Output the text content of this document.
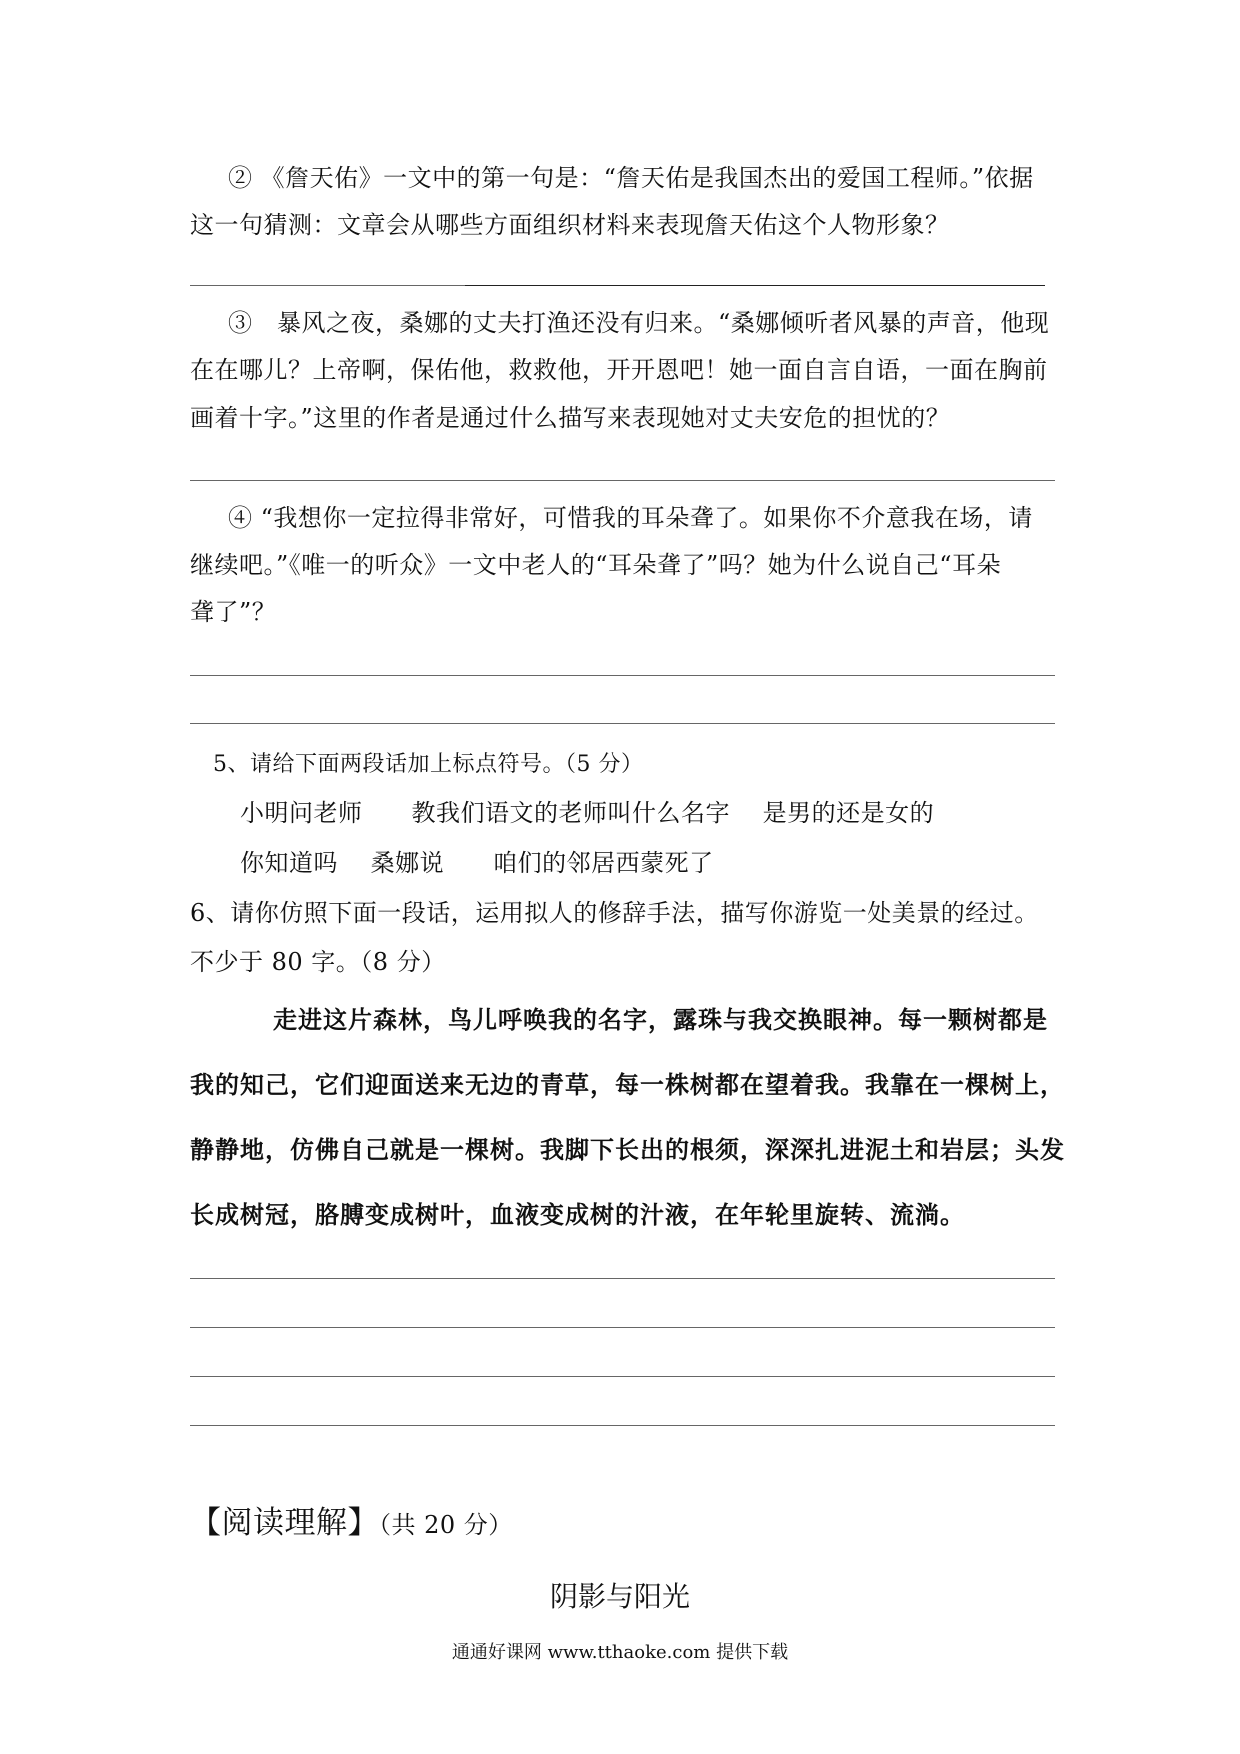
② 《詹天佑》一文中的第一句是：“詹天佑是我国杰出的爱国工程师。”依据
这一句猜测：文章会从哪些方面组织材料来表现詹天佑这个人物形象？
③　暴风之夜，桑娜的丈夫打渔还没有归来。“桑娜倾听者风暴的声音，他现
在在哪儿？上帝啊，保佑他，救救他，开开恩吧！她一面自言自语，一面在胸前
画着十字。”这里的作者是通过什么描写来表现她对丈夫安危的担忧的？
④ “我想你一定拉得非常好，可惜我的耳朵聋了。如果你不介意我在场，请
继续吧。”《唯一的听众》一文中老人的“耳朵聋了”吗？她为什么说自己“耳朵
聋了”？
5、请给下面两段话加上标点符号。（5 分）
小明问老师　　教我们语文的老师叫什么名字　 是男的还是女的
你知道吗　 桑娜说　　咱们的邻居西蒙死了
6、请你仿照下面一段话，运用拟人的修辞手法，描写你游览一处美景的经过。
不少于 80 字。（8 分）
走进这片森林，鸟儿呼唤我的名字，露珠与我交换眼神。每一颗树都是
我的知己，它们迎面送来无边的青草，每一株树都在望着我。我靠在一棵树上，
静静地，仿佛自己就是一棵树。我脚下长出的根须，深深扎进泥土和岩层；头发
长成树冠，胳膊变成树叶，血液变成树的汁液，在年轮里旋转、流淌。
【阅读理解】（共 20 分）
阴影与阳光
通通好课网 www.tthaoke.com 提供下载
